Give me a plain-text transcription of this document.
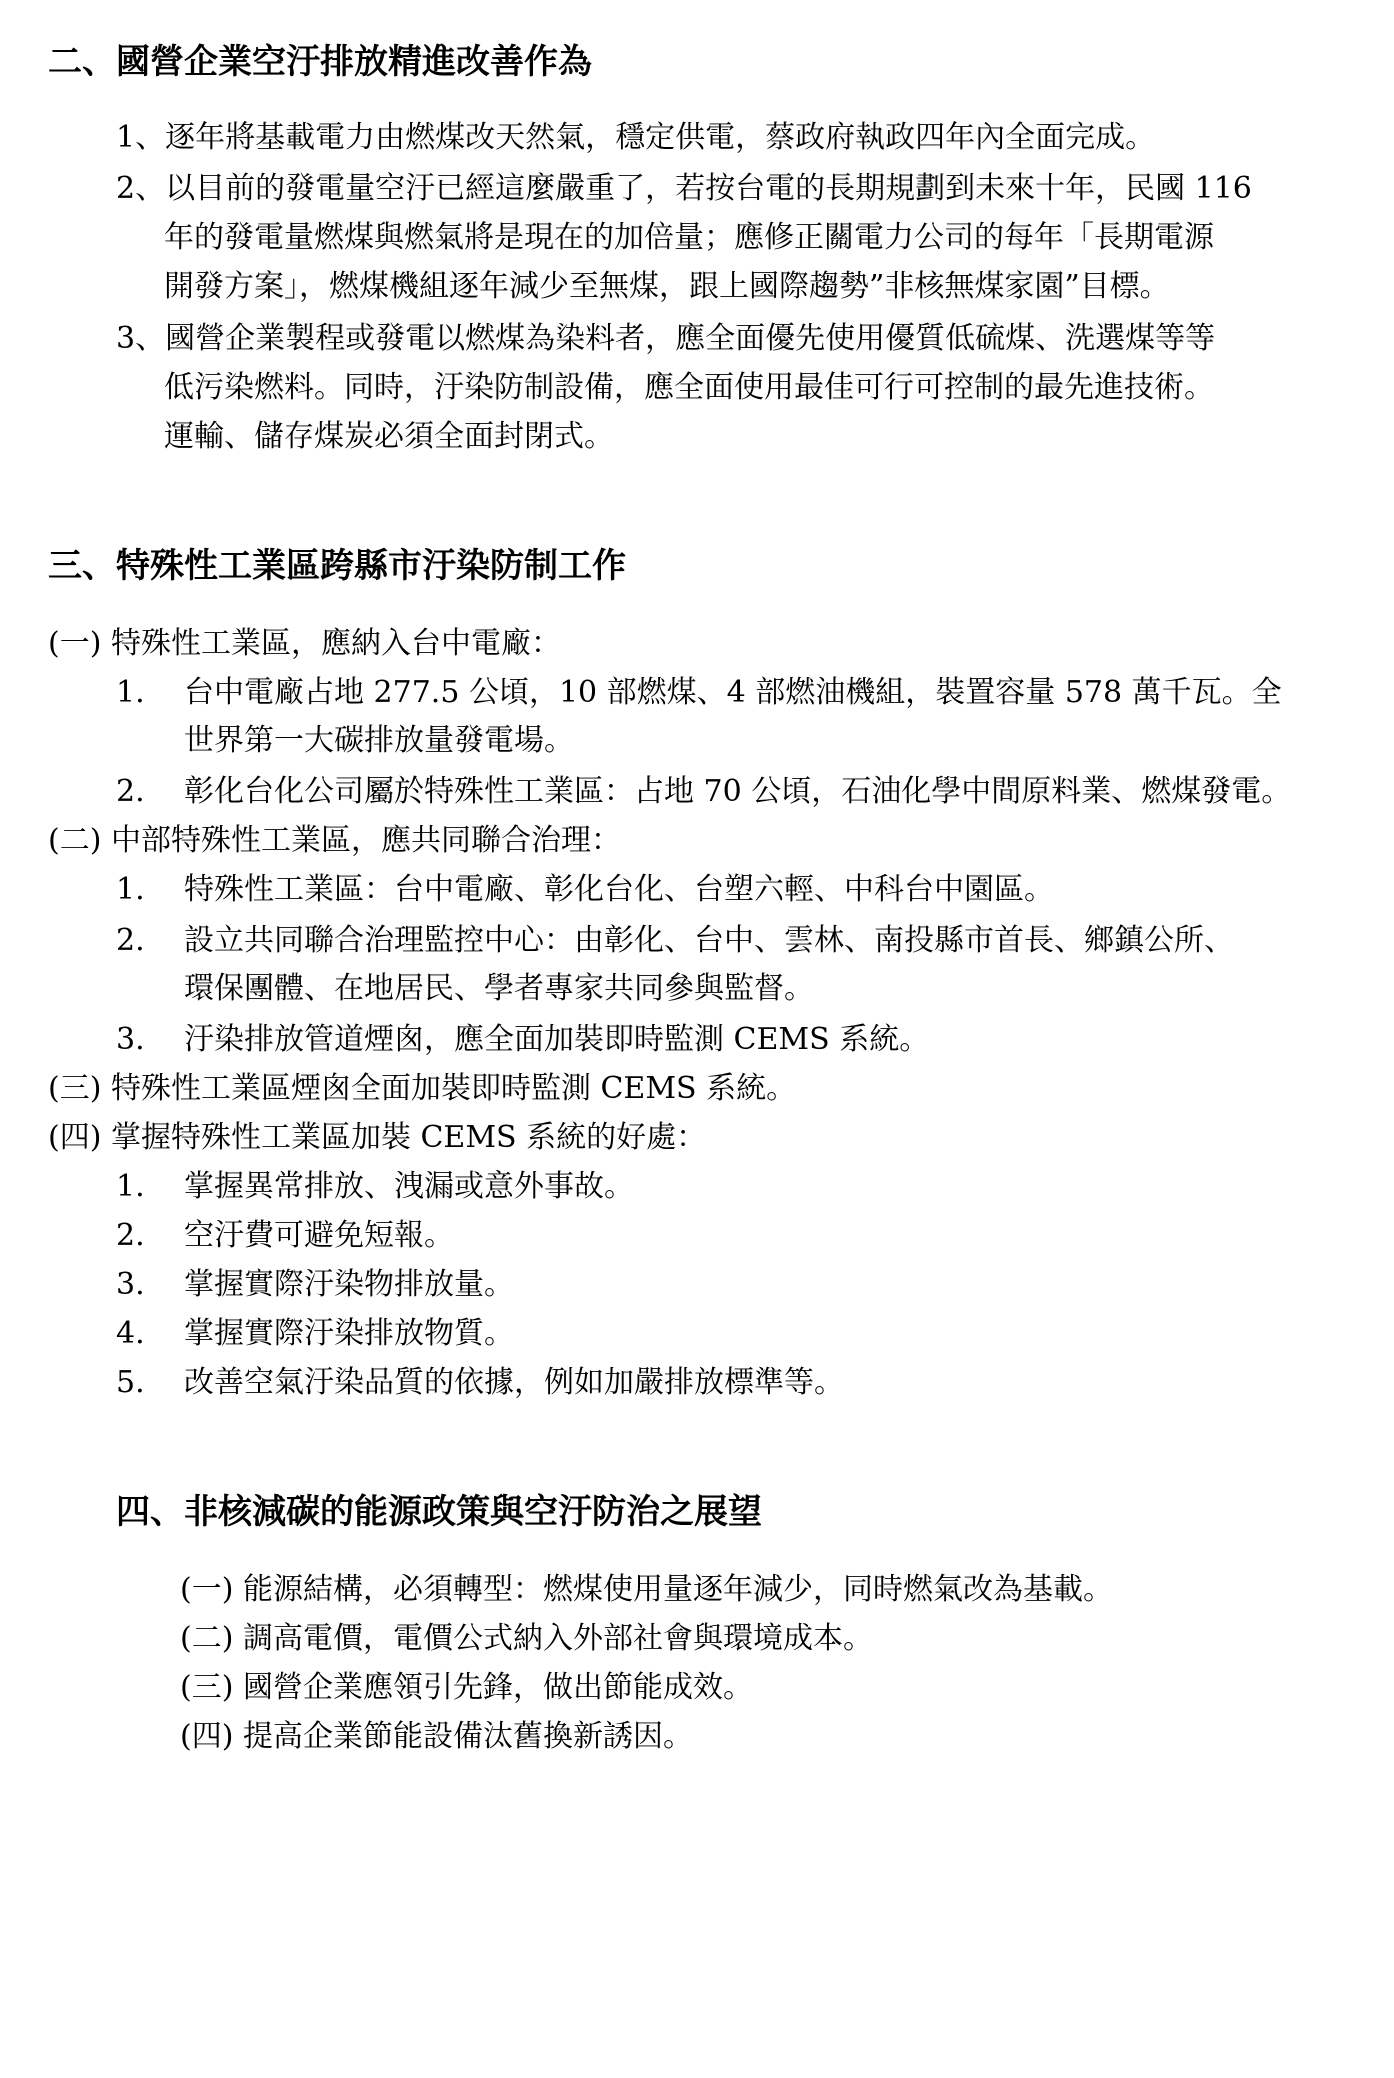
二、國營企業空汙排放精進改善作為

1、逐年將基載電力由燃煤改天然氣，穩定供電，蔡政府執政四年內全面完成。

2、以目前的發電量空汙已經這麼嚴重了，若按台電的長期規劃到未來十年，民國 116

年的發電量燃煤與燃氣將是現在的加倍量；應修正關電力公司的每年「長期電源

開發方案」，燃煤機組逐年減少至無煤，跟上國際趨勢”非核無煤家園”目標。

3、國營企業製程或發電以燃煤為染料者，應全面優先使用優質低硫煤、洗選煤等等

低污染燃料。同時，汙染防制設備，應全面使用最佳可行可控制的最先進技術。

運輸、儲存煤炭必須全面封閉式。

三、特殊性工業區跨縣市汙染防制工作

(一) 特殊性工業區，應納入台中電廠：

1. 台中電廠占地 277.5 公頃，10 部燃煤、4 部燃油機組，裝置容量 578 萬千瓦。全

世界第一大碳排放量發電場。

2. 彰化台化公司屬於特殊性工業區：占地 70 公頃，石油化學中間原料業、燃煤發電。

(二) 中部特殊性工業區，應共同聯合治理：

1. 特殊性工業區：台中電廠、彰化台化、台塑六輕、中科台中園區。

2. 設立共同聯合治理監控中心：由彰化、台中、雲林、南投縣市首長、鄉鎮公所、

環保團體、在地居民、學者專家共同參與監督。

3. 汙染排放管道煙囪，應全面加裝即時監測 CEMS 系統。

(三) 特殊性工業區煙囪全面加裝即時監測 CEMS 系統。

(四) 掌握特殊性工業區加裝 CEMS 系統的好處：

1. 掌握異常排放、洩漏或意外事故。

2. 空汙費可避免短報。

3. 掌握實際汙染物排放量。

4. 掌握實際汙染排放物質。

5. 改善空氣汙染品質的依據，例如加嚴排放標準等。

四、非核減碳的能源政策與空汙防治之展望

(一) 能源結構，必須轉型：燃煤使用量逐年減少，同時燃氣改為基載。

(二) 調高電價，電價公式納入外部社會與環境成本。

(三) 國營企業應領引先鋒，做出節能成效。

(四) 提高企業節能設備汰舊換新誘因。
